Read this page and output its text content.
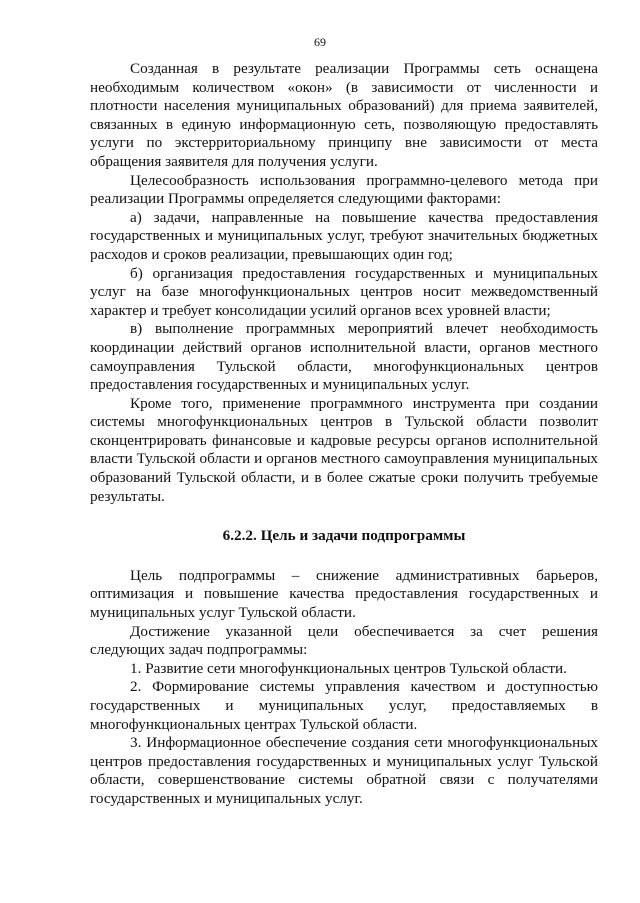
69

Созданная в результате реализации Программы сеть оснащена необходимым количеством «окон» (в зависимости от численности и плотности населения муниципальных образований) для приема заявителей, связанных в единую информационную сеть, позволяющую предоставлять услуги по экстерриториальному принципу вне зависимости от места обращения заявителя для получения услуги.

Целесообразность использования программно-целевого метода при реализации Программы определяется следующими факторами:

а) задачи, направленные на повышение качества предоставления государственных и муниципальных услуг, требуют значительных бюджетных расходов и сроков реализации, превышающих один год;

б) организация предоставления государственных и муниципальных услуг на базе многофункциональных центров носит межведомственный характер и требует консолидации усилий органов всех уровней власти;

в) выполнение программных мероприятий влечет необходимость координации действий органов исполнительной власти, органов местного самоуправления Тульской области, многофункциональных центров предоставления государственных и муниципальных услуг.

Кроме того, применение программного инструмента при создании системы многофункциональных центров в Тульской области позволит сконцентрировать финансовые и кадровые ресурсы органов исполнительной власти Тульской области и органов местного самоуправления муниципальных образований Тульской области, и в более сжатые сроки получить требуемые результаты.

6.2.2. Цель и задачи подпрограммы

Цель подпрограммы – снижение административных барьеров, оптимизация и повышение качества предоставления государственных и муниципальных услуг Тульской области.

Достижение указанной цели обеспечивается за счет решения следующих задач подпрограммы:

1. Развитие сети многофункциональных центров Тульской области.

2. Формирование системы управления качеством и доступностью государственных и муниципальных услуг, предоставляемых в многофункциональных центрах Тульской области.

3. Информационное обеспечение создания сети многофункциональных центров предоставления государственных и муниципальных услуг Тульской области, совершенствование системы обратной связи с получателями государственных и муниципальных услуг.
